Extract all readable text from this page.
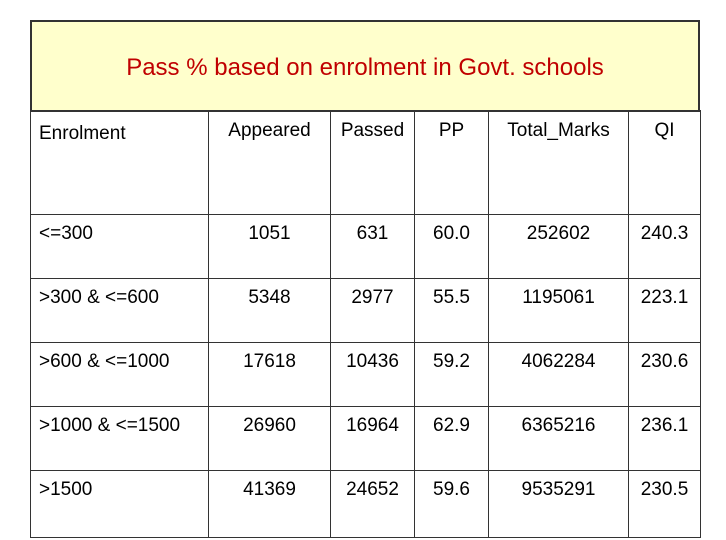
Pass % based on enrolment in Govt. schools
Enrolment	Appeared	Passed	PP	Total_Marks	QI
<=300	1051	631	60.0	252602	240.3
>300 & <=600	5348	2977	55.5	1195061	223.1
>600 & <=1000	17618	10436	59.2	4062284	230.6
>1000 & <=1500	26960	16964	62.9	6365216	236.1
>1500	41369	24652	59.6	9535291	230.5
